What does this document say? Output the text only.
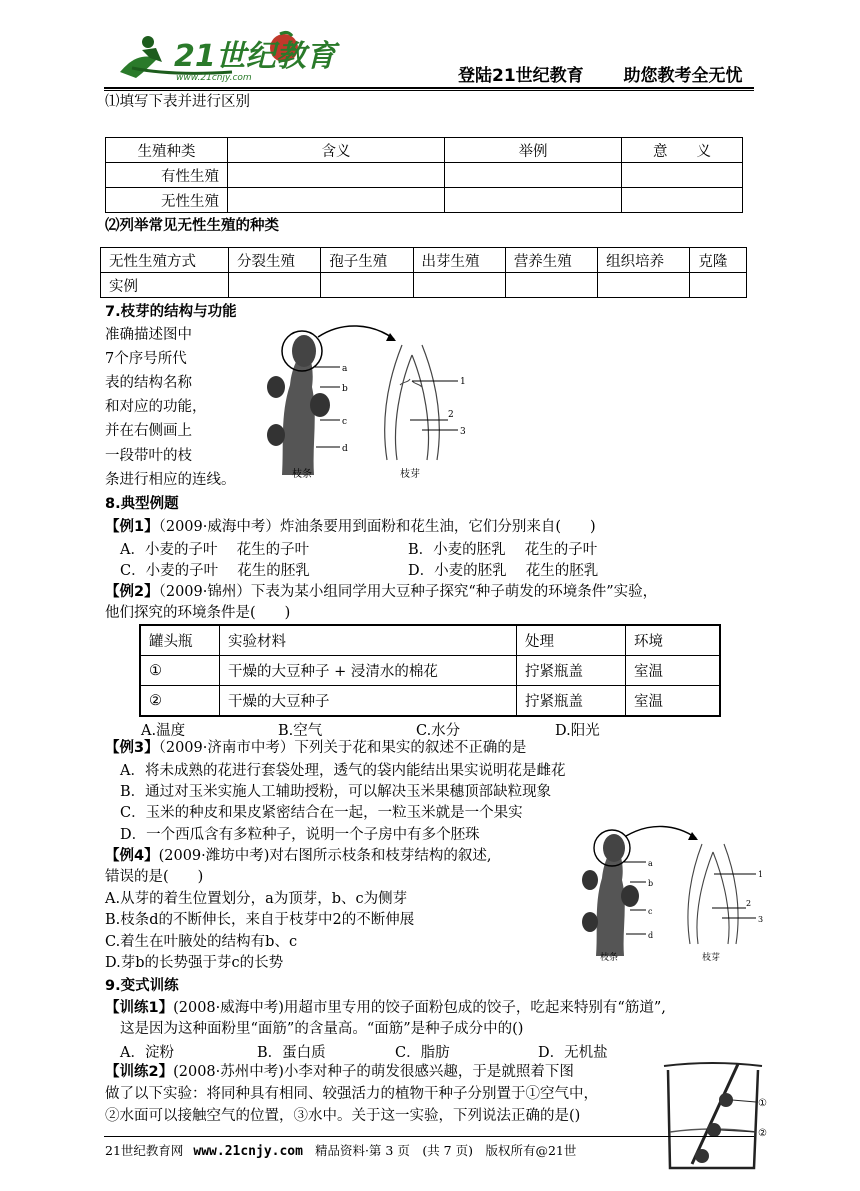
21世纪教育
www.21cnjy.com	登陆21世纪教育 助您教考全无忧
⑴填写下表并进行区别
生殖种类	含义	举例	意　　义
有性生殖			
无性生殖			
⑵列举常见无性生殖的种类
无性生殖方式	分裂生殖	孢子生殖	出芽生殖	营养生殖	组织培养	克隆
实例						
7.枝芽的结构与功能
准确描述图中
7个序号所代
表的结构名称
和对应的功能，
并在右侧画上
一段带叶的枝
条进行相应的连线。
a
b
c
d
1
2
3
枝条	枝芽
8.典型例题
【例1】（2009·威海中考）炸油条要用到面粉和花生油，它们分别来自(　　)
A．小麦的子叶　 花生的子叶	B．小麦的胚乳　 花生的子叶
C．小麦的子叶　 花生的胚乳	D．小麦的胚乳　 花生的胚乳
【例2】（2009·锦州）下表为某小组同学用大豆种子探究“种子萌发的环境条件”实验，
他们探究的环境条件是(　　)
罐头瓶	实验材料	处理	环境
①	干燥的大豆种子 + 浸清水的棉花	拧紧瓶盖	室温
②	干燥的大豆种子	拧紧瓶盖	室温
A.温度	B.空气	C.水分	D.阳光
【例3】（2009·济南市中考）下列关于花和果实的叙述不正确的是
A．将未成熟的花进行套袋处理，透气的袋内能结出果实说明花是雌花
B．通过对玉米实施人工辅助授粉，可以解决玉米果穗顶部缺粒现象
C．玉米的种皮和果皮紧密结合在一起，一粒玉米就是一个果实
D．一个西瓜含有多粒种子，说明一个子房中有多个胚珠
【例4】(2009·潍坊中考)对右图所示枝条和枝芽结构的叙述,
错误的是(　　)
A.从芽的着生位置划分，a为顶芽，b、c为侧芽
B.枝条d的不断伸长，来自于枝芽中2的不断伸展
C.着生在叶腋处的结构有b、c
D.芽b的长势强于芽c的长势
a
b
c
d
1
2
3
枝条	枝芽
9.变式训练
【训练1】(2008·威海中考)用超市里专用的饺子面粉包成的饺子，吃起来特别有“筋道”,
这是因为这种面粉里“面筋”的含量高。“面筋”是种子成分中的()
A．淀粉	B．蛋白质	C．脂肪	D．无机盐
【训练2】(2008·苏州中考)小李对种子的萌发很感兴趣，于是就照着下图
做了以下实验：将同种具有相同、较强活力的植物干种子分别置于①空气中，
②水面可以接触空气的位置，③水中。关于这一实验，下列说法正确的是()
①
②
21世纪教育网 www.21cnjy.com 精品资料·第 3 页　(共 7 页)　版权所有@21世
